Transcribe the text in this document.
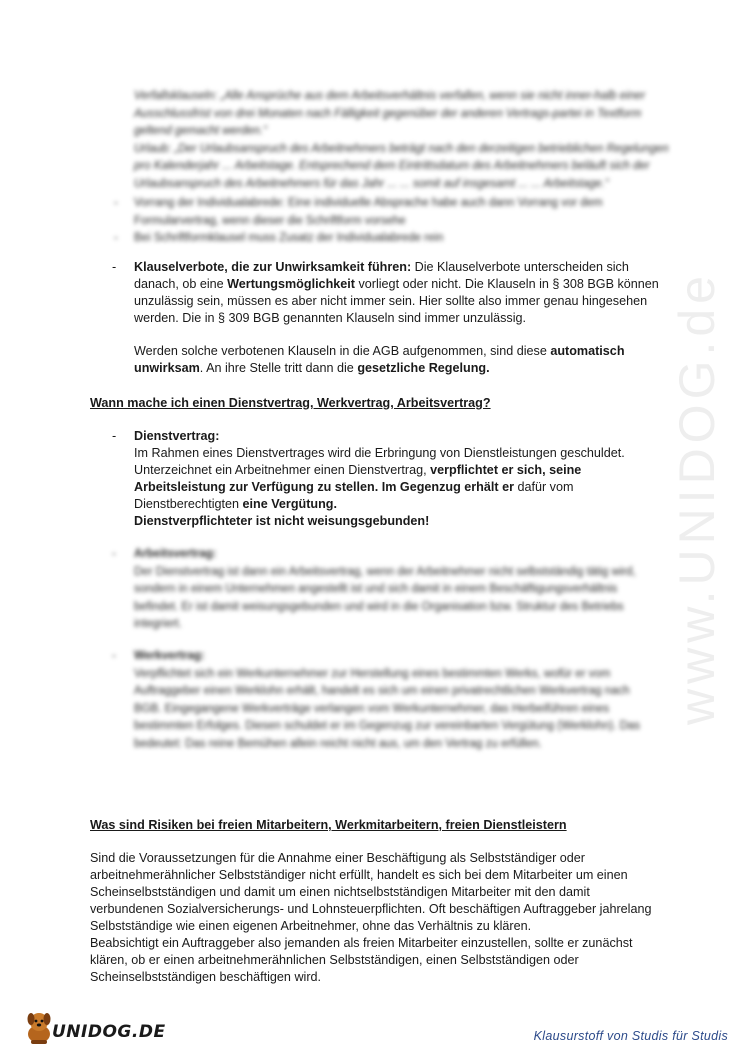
Verfallsklauseln: „Alle Ansprüche aus dem Arbeitsverhältnis verfallen, wenn sie nicht inner-halb einer Ausschlussfrist von drei Monaten nach Fälligkeit gegenüber der anderen Vertrags-partei in Textform geltend gemacht werden.“
Urlaub: „Der Urlaubsanspruch des Arbeitnehmers beträgt nach den derzeitigen betrieblichen Regelungen pro Kalenderjahr ... Arbeitstage. Entsprechend dem Eintrittsdatum des Arbeitnehmers beläuft sich der Urlaubsanspruch des Arbeitnehmers für das Jahr ... ... somit auf insgesamt ... ... Arbeitstage.“
- Vorrang der Individualabrede: Eine individuelle Absprache habe auch dann Vorrang vor dem Formularvertrag, wenn dieser die Schriftform vorsehe
- Bei Schriftformklausel muss Zusatz der Individualabrede rein
- Klauselverbote, die zur Unwirksamkeit führen: Die Klauselverbote unterscheiden sich
danach, ob eine Wertungsmöglichkeit vorliegt oder nicht. Die Klauseln in § 308 BGB können
unzulässig sein, müssen es aber nicht immer sein. Hier sollte also immer genau hingesehen
werden. Die in § 309 BGB genannten Klauseln sind immer unzulässig.
Werden solche verbotenen Klauseln in die AGB aufgenommen, sind diese automatisch
unwirksam. An ihre Stelle tritt dann die gesetzliche Regelung.
Wann mache ich einen Dienstvertrag, Werkvertrag, Arbeitsvertrag?
- Dienstvertrag:
Im Rahmen eines Dienstvertrages wird die Erbringung von Dienstleistungen geschuldet.
Unterzeichnet ein Arbeitnehmer einen Dienstvertrag, verpflichtet er sich, seine
Arbeitsleistung zur Verfügung zu stellen. Im Gegenzug erhält er dafür vom
Dienstberechtigten eine Vergütung.
Dienstverpflichteter ist nicht weisungsgebunden!
- Arbeitsvertrag:
Der Dienstvertrag ist dann ein Arbeitsvertrag, wenn der Arbeitnehmer nicht selbstständig tätig wird, sondern in einem Unternehmen angestellt ist und sich damit in einem Beschäftigungsverhältnis befindet. Er ist damit weisungsgebunden und wird in die Organisation bzw. Struktur des Betriebs integriert.
- Werkvertrag:
Verpflichtet sich ein Werkunternehmer zur Herstellung eines bestimmten Werks, wofür er vom Auftraggeber einen Werklohn erhält, handelt es sich um einen privatrechtlichen Werkvertrag nach BGB. Eingegangene Werkverträge verlangen vom Werkunternehmer, das Herbeiführen eines bestimmten Erfolges. Diesen schuldet er im Gegenzug zur vereinbarten Vergütung (Werklohn). Das bedeutet: Das reine Bemühen allein reicht nicht aus, um den Vertrag zu erfüllen.
Was sind Risiken bei freien Mitarbeitern, Werkmitarbeitern, freien Dienstleistern
Sind die Voraussetzungen für die Annahme einer Beschäftigung als Selbstständiger oder
arbeitnehmerähnlicher Selbstständiger nicht erfüllt, handelt es sich bei dem Mitarbeiter um einen
Scheinselbstständigen und damit um einen nichtselbstständigen Mitarbeiter mit den damit
verbundenen Sozialversicherungs- und Lohnsteuerpflichten. Oft beschäftigen Auftraggeber jahrelang
Selbstständige wie einen eigenen Arbeitnehmer, ohne das Verhältnis zu klären.
Beabsichtigt ein Auftraggeber also jemanden als freien Mitarbeiter einzustellen, sollte er zunächst
klären, ob er einen arbeitnehmerähnlichen Selbstständigen, einen Selbstständigen oder
Scheinselbstständigen beschäftigen wird.
www.UNIDOG.de
UNIDOG.DE	Klausurstoff von Studis für Studis
